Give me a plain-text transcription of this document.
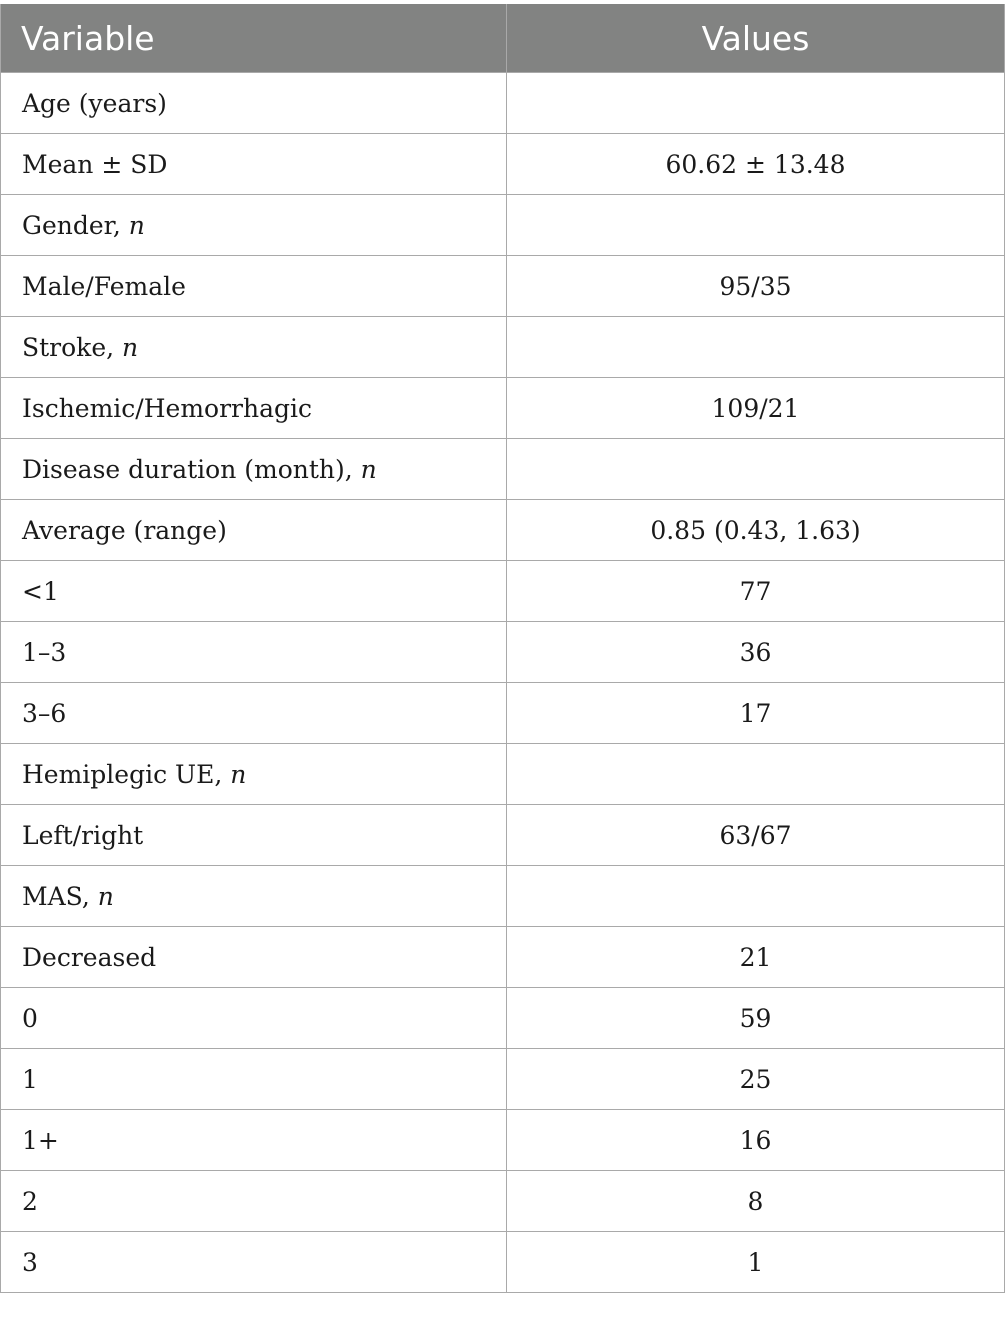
Variable	Values
Age (years)	
Mean ± SD	60.62 ± 13.48
Gender, n	
Male/Female	95/35
Stroke, n	
Ischemic/Hemorrhagic	109/21
Disease duration (month), n	
Average (range)	0.85 (0.43, 1.63)
<1	77
1–3	36
3–6	17
Hemiplegic UE, n	
Left/right	63/67
MAS, n	
Decreased	21
0	59
1	25
1+	16
2	8
3	1
